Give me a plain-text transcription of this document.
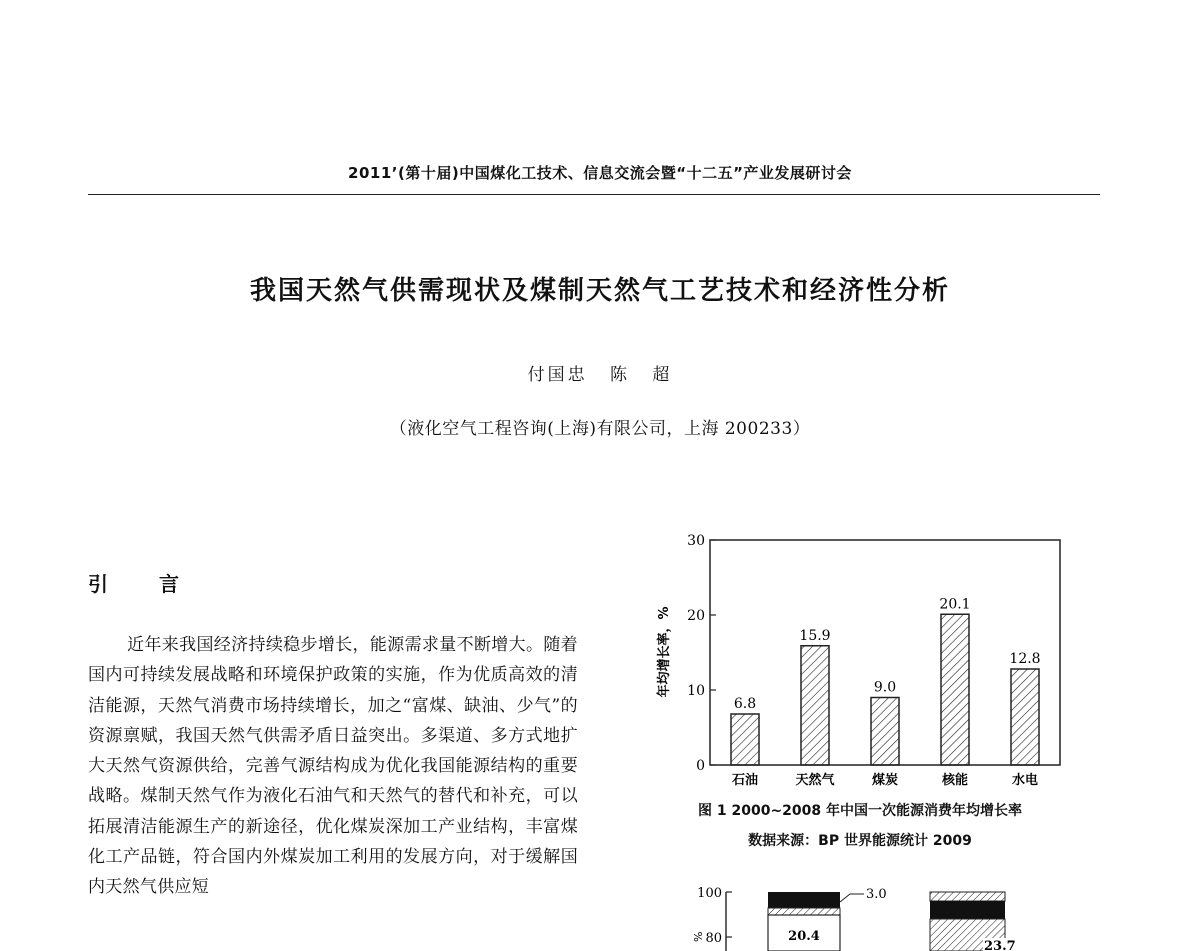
2011’(第十届)中国煤化工技术、信息交流会暨“十二五”产业发展研讨会
我国天然气供需现状及煤制天然气工艺技术和经济性分析
付国忠 陈 超
（液化空气工程咨询(上海)有限公司，上海 200233）
引 言

近年来我国经济持续稳步增长，能源需求量不断增大。随着国内可持续发展战略和环境保护政策的实施，作为优质高效的清洁能源，天然气消费市场持续增长，加之“富煤、缺油、少气”的资源禀赋，我国天然气供需矛盾日益突出。多渠道、多方式地扩大天然气资源供给，完善气源结构成为优化我国能源结构的重要战略。煤制天然气作为液化石油气和天然气的替代和补充，可以拓展清洁能源生产的新途径，优化煤炭深加工产业结构，丰富煤化工产品链，符合国内外煤炭加工利用的发展方向，对于缓解国内天然气供应短

0
10
20
30
6.8
石油
15.9
天然气
9.0
煤炭
20.1
核能
12.8
水电
年均增长率，%
图 1 2000~2008 年中国一次能源消费年均增长率
数据来源：BP 世界能源统计 2009
100
80
%
3.0
20.4
23.7
